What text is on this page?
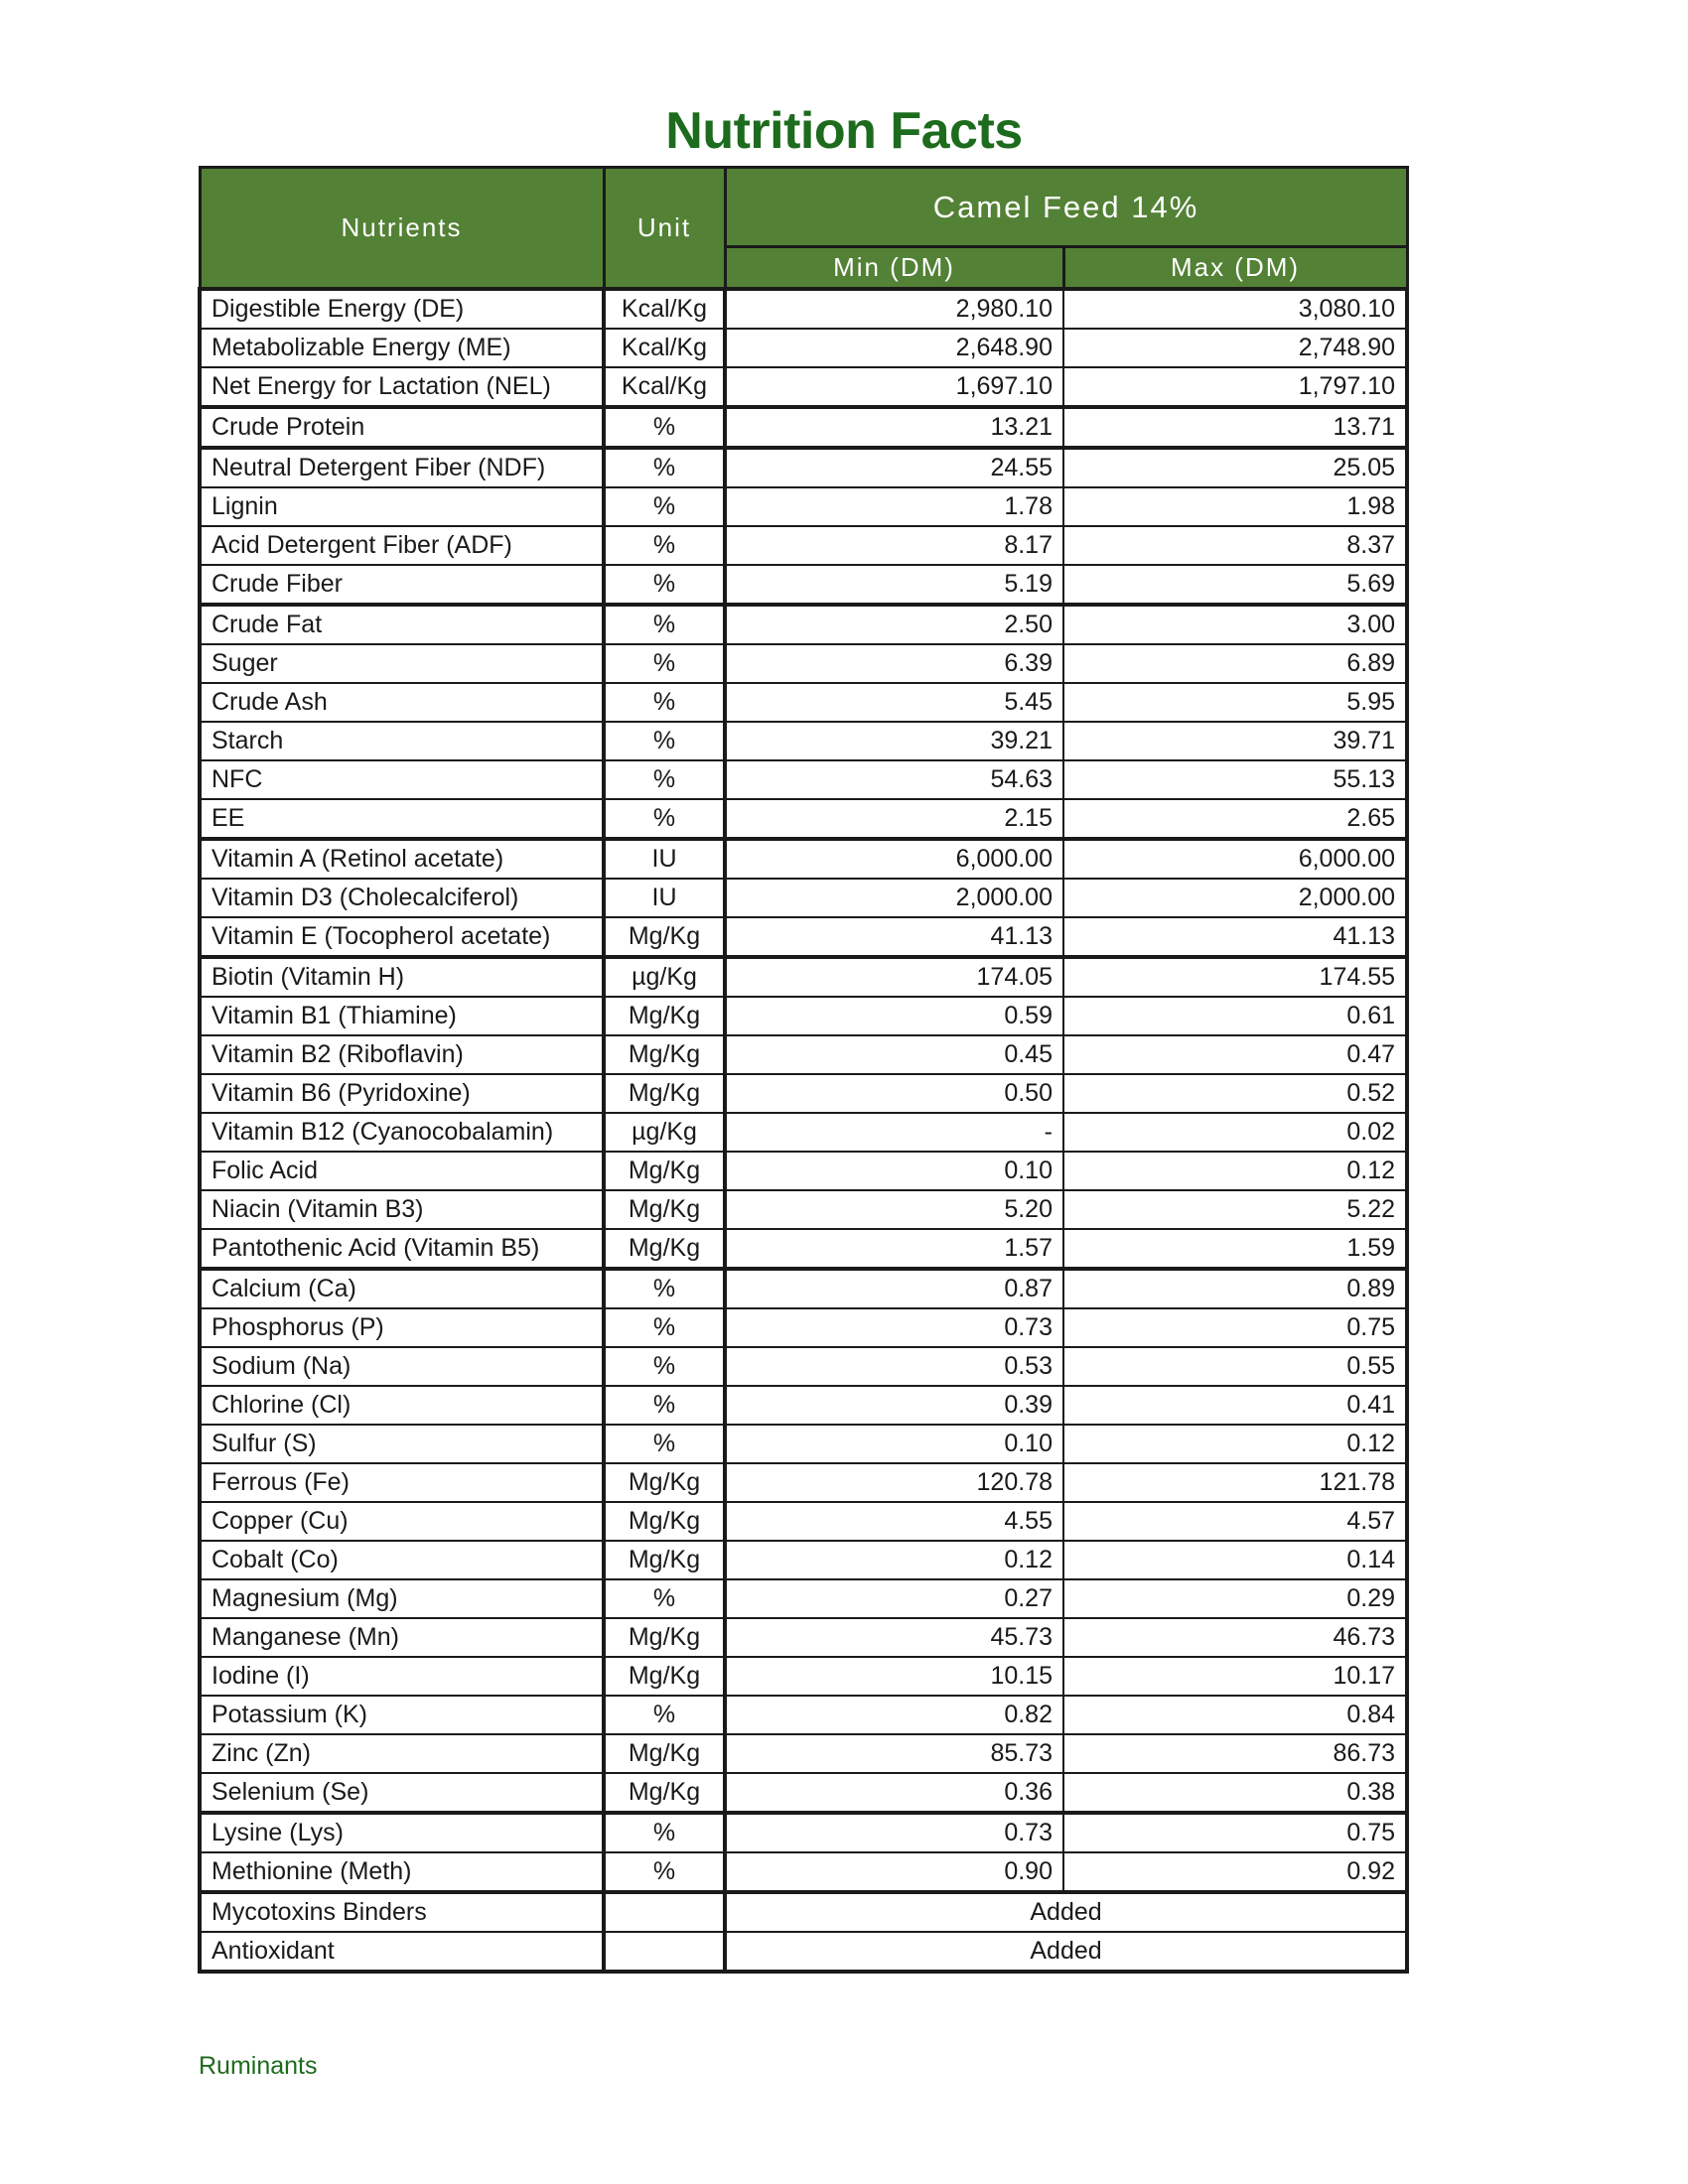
Nutrition Facts
Nutrients	Unit	Camel Feed 14%	
		Min (DM)	Max (DM)
Digestible Energy (DE)	Kcal/Kg	2,980.10	3,080.10
Metabolizable Energy (ME)	Kcal/Kg	2,648.90	2,748.90
Net Energy for Lactation (NEL)	Kcal/Kg	1,697.10	1,797.10
Crude Protein	%	13.21	13.71
Neutral Detergent Fiber (NDF)	%	24.55	25.05
Lignin	%	1.78	1.98
Acid Detergent Fiber (ADF)	%	8.17	8.37
Crude Fiber	%	5.19	5.69
Crude Fat	%	2.50	3.00
Suger	%	6.39	6.89
Crude Ash	%	5.45	5.95
Starch	%	39.21	39.71
NFC	%	54.63	55.13
EE	%	2.15	2.65
Vitamin A (Retinol acetate)	IU	6,000.00	6,000.00
Vitamin D3 (Cholecalciferol)	IU	2,000.00	2,000.00
Vitamin E (Tocopherol acetate)	Mg/Kg	41.13	41.13
Biotin (Vitamin H)	µg/Kg	174.05	174.55
Vitamin B1 (Thiamine)	Mg/Kg	0.59	0.61
Vitamin B2 (Riboflavin)	Mg/Kg	0.45	0.47
Vitamin B6 (Pyridoxine)	Mg/Kg	0.50	0.52
Vitamin B12 (Cyanocobalamin)	µg/Kg	-	0.02
Folic Acid	Mg/Kg	0.10	0.12
Niacin (Vitamin B3)	Mg/Kg	5.20	5.22
Pantothenic Acid (Vitamin B5)	Mg/Kg	1.57	1.59
Calcium (Ca)	%	0.87	0.89
Phosphorus (P)	%	0.73	0.75
Sodium (Na)	%	0.53	0.55
Chlorine (Cl)	%	0.39	0.41
Sulfur (S)	%	0.10	0.12
Ferrous (Fe)	Mg/Kg	120.78	121.78
Copper (Cu)	Mg/Kg	4.55	4.57
Cobalt (Co)	Mg/Kg	0.12	0.14
Magnesium (Mg)	%	0.27	0.29
Manganese (Mn)	Mg/Kg	45.73	46.73
Iodine (I)	Mg/Kg	10.15	10.17
Potassium (K)	%	0.82	0.84
Zinc (Zn)	Mg/Kg	85.73	86.73
Selenium (Se)	Mg/Kg	0.36	0.38
Lysine (Lys)	%	0.73	0.75
Methionine (Meth)	%	0.90	0.92
Mycotoxins Binders		Added	
Antioxidant		Added	
Ruminants
